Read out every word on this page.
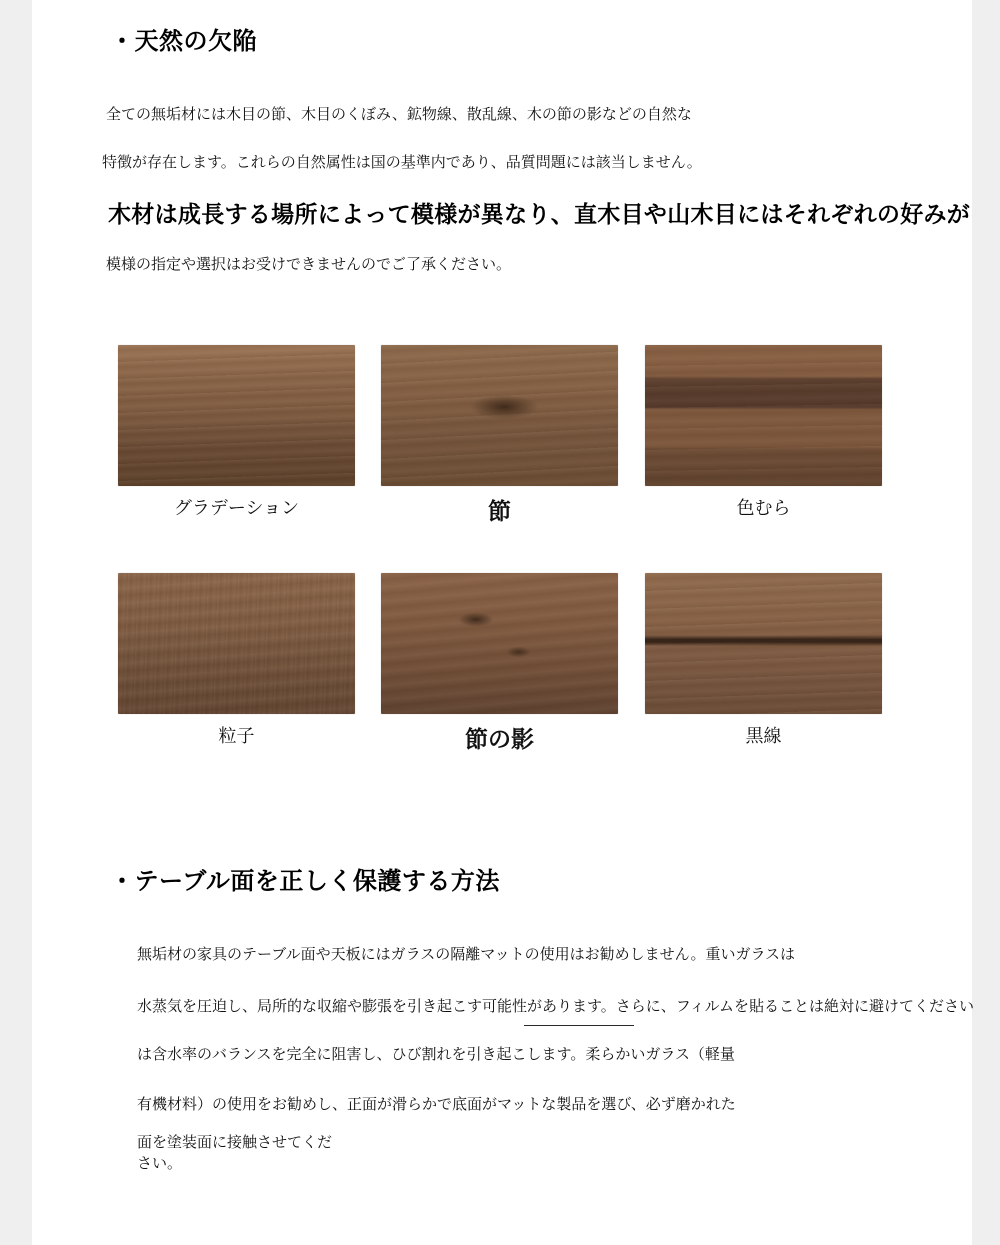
・天然の欠陥
全ての無垢材には木目の節、木目のくぼみ、鉱物線、散乱線、木の節の影などの自然な
特徴が存在します。これらの自然属性は国の基準内であり、品質問題には該当しません。
木材は成長する場所によって模様が異なり、直木目や山木目にはそれぞれの好みが
模様の指定や選択はお受けできませんのでご了承ください。
グラデーション	節	色むら
粒子	節の影	黒線
・テーブル面を正しく保護する方法
無垢材の家具のテーブル面や天板にはガラスの隔離マットの使用はお勧めしません。重いガラスは
水蒸気を圧迫し、局所的な収縮や膨張を引き起こす可能性があります。さらに、フィルムを貼ることは絶対に避けてください
は含水率のバランスを完全に阻害し、ひび割れを引き起こします。柔らかいガラス（軽量
有機材料）の使用をお勧めし、正面が滑らかで底面がマットな製品を選び、必ず磨かれた
面を塗装面に接触させてくだ
さい。
